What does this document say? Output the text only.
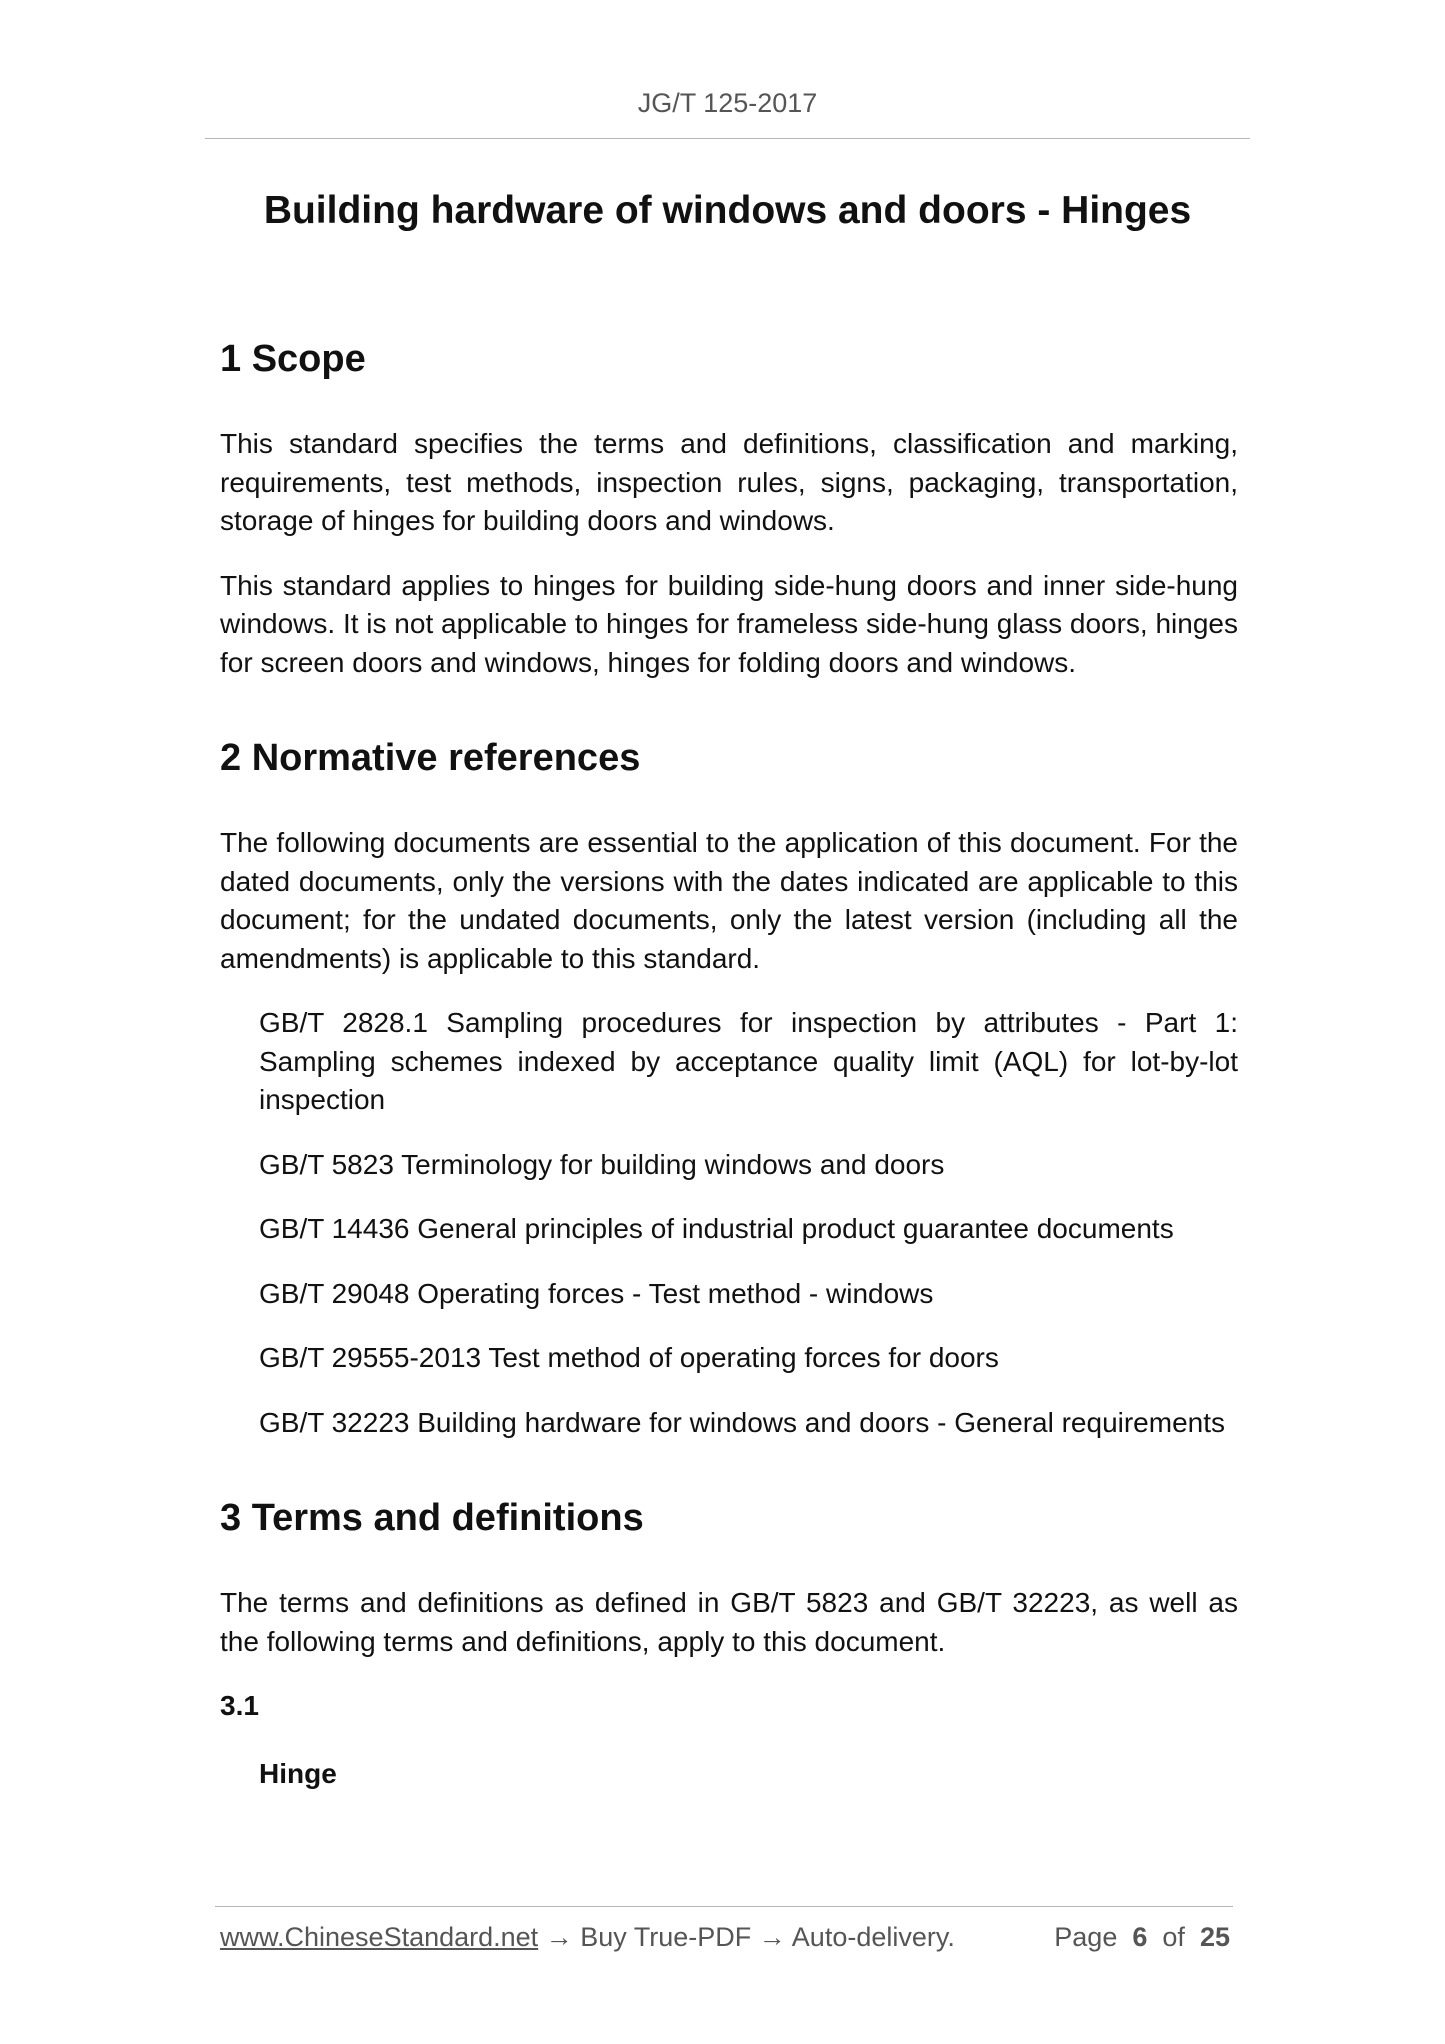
JG/T 125-2017
Building hardware of windows and doors - Hinges
1 Scope

This standard specifies the terms and definitions, classification and marking, requirements, test methods, inspection rules, signs, packaging, transportation, storage of hinges for building doors and windows.

This standard applies to hinges for building side-hung doors and inner side-hung windows. It is not applicable to hinges for frameless side-hung glass doors, hinges for screen doors and windows, hinges for folding doors and windows.

2 Normative references

The following documents are essential to the application of this document. For the dated documents, only the versions with the dates indicated are applicable to this document; for the undated documents, only the latest version (including all the amendments) is applicable to this standard.

GB/T 2828.1 Sampling procedures for inspection by attributes - Part 1: Sampling schemes indexed by acceptance quality limit (AQL) for lot-by-lot inspection

GB/T 5823 Terminology for building windows and doors

GB/T 14436 General principles of industrial product guarantee documents

GB/T 29048 Operating forces - Test method - windows

GB/T 29555-2013 Test method of operating forces for doors

GB/T 32223 Building hardware for windows and doors - General requirements

3 Terms and definitions

The terms and definitions as defined in GB/T 5823 and GB/T 32223, as well as the following terms and definitions, apply to this document.

3.1
Hinge
www.ChineseStandard.net → Buy True-PDF → Auto-delivery.	Page 6 of 25
